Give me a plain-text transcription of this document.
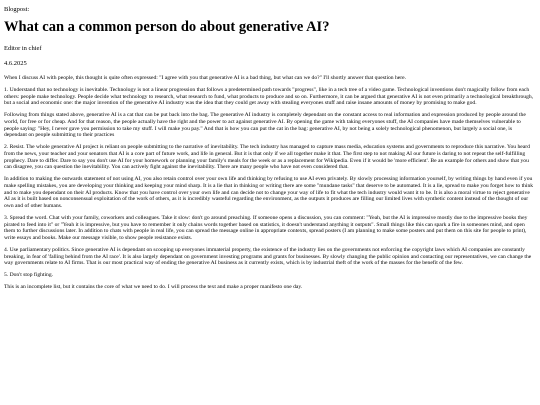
Blogpost:
What can a common person do about generative AI?
Editor in chief
4.6.2025

When I discuss AI with people, this thought is quite often expressed: "I agree with you that generative AI is a bad thing, but what can we do?" I'll shortly answer that question here.

1. Understand that no technology is inevitable. Technology is not a linear progression that follows a predetermined path towards "progress", like in a tech tree of a video game. Technological inventions don't magically follow from each others: people make technology. People decide what technology to research, what research to fund, what products to produce and so on. Furthermore, it can be argued that generative AI is not even primarily a technological breakthrough, but a social and economic one: the major invention of the generative AI industry was the idea that they could get away with stealing everyones stuff and raise insane amounts of money by promising to make god.

Following from things stated above, generative AI is a cat that can be put back into the bag. The generative AI industry is completely dependant on the constant access to real information and expression produced by people around the world, for free or for cheap. And for that reason, the people actually have the right and the power to act against generative AI. By opening the game with taking everyones stuff, the AI companies have made themselves vulnerable to people saying: "Hey, I never gave you permission to take my stuff. I will make you pay." And that is how you can put the cat in the bag: generative AI, by not being a solely technological phenomenon, but largely a social one, is dependant on people submitting to their practices

2. Resist. The whole generative AI project is reliant on people submitting to the narrative of inevitability. The tech industry has managed to capture mass media, education systems and governments to reproduce this narrative. You heard from the news, your teacher and your senators that AI is a core part of future work, and life in general. But it is that only if we all together make it that. The first step to not making AI our future is daring to not repeat the self-fulfilling prophecy. Dare to differ. Dare to say you don't use AI for your homework or planning your family's meals for the week or as a replacement for Wikipedia. Even if it would be 'more efficient'. Be an example for others and show that you can disagree, you can question the inevitability. You can actively fight against the inevitability. There are many people who have not even considered that.

In addition to making the outwards statement of not using AI, you also retain control over your own life and thinking by refusing to use AI even privately. By slowly processing information yourself, by writing things by hand even if you make spelling mistakes, you are developing your thinking and keeping your mind sharp. It is a lie that in thinking or writing there are some "mundane tasks" that deserve to be automated. It is a lie, spread to make you forget how to think and to make you dependant on their AI products. Know that you have control over your own life and can decide not to change your way of life to fit what the tech industry would want it to be. It is also a moral virtue to reject generative AI as it is built based on nonconsensual exploitation of the work of others, as it is incredibly wasteful regarding the environment, as the outputs it produces are filling our limited lives with synthetic content instead of the thought of our own and of other humans.

3. Spread the word. Chat with your family, coworkers and colleagues. Take it slow: don't go around preaching. If someone opens a discussion, you can comment: "Yeah, but the AI is impressive mostly due to the impressive books they pirated to feed into it" or "Yeah it is impressive, but you have to remember it only chains words together based on statistics, it doesn't understand anything it outputs". Small things like this can spark a fire in someones mind, and open them to further discussions later. In addition to chats with people in real life, you can spread the message online in appropriate contexts, spread posters (I am planning to make some posters and put them on this site for people to print), write essays and books. Make our message visible, to show people resistance exists.

4. Use parliamentary politics. Since generative AI is dependant on scooping up everyones immaterial property, the existence of the industry lies on the governments not enforcing the copyright laws which AI companies are constantly breaking, in fear of 'falling behind from the AI race'. It is also largely dependant on government investing programs and grants for businesses. By slowly changing the public opinion and contacting our representatives, we can change the way governments relate to AI firms. That is our most practical way of ending the generative AI business as it currently exists, which is by industrial theft of the work of the masses for the benefit of the few.

5. Don't stop fighting.

This is an incomplete list, but it contains the core of what we need to do. I will process the text and make a proper manifesto one day.
